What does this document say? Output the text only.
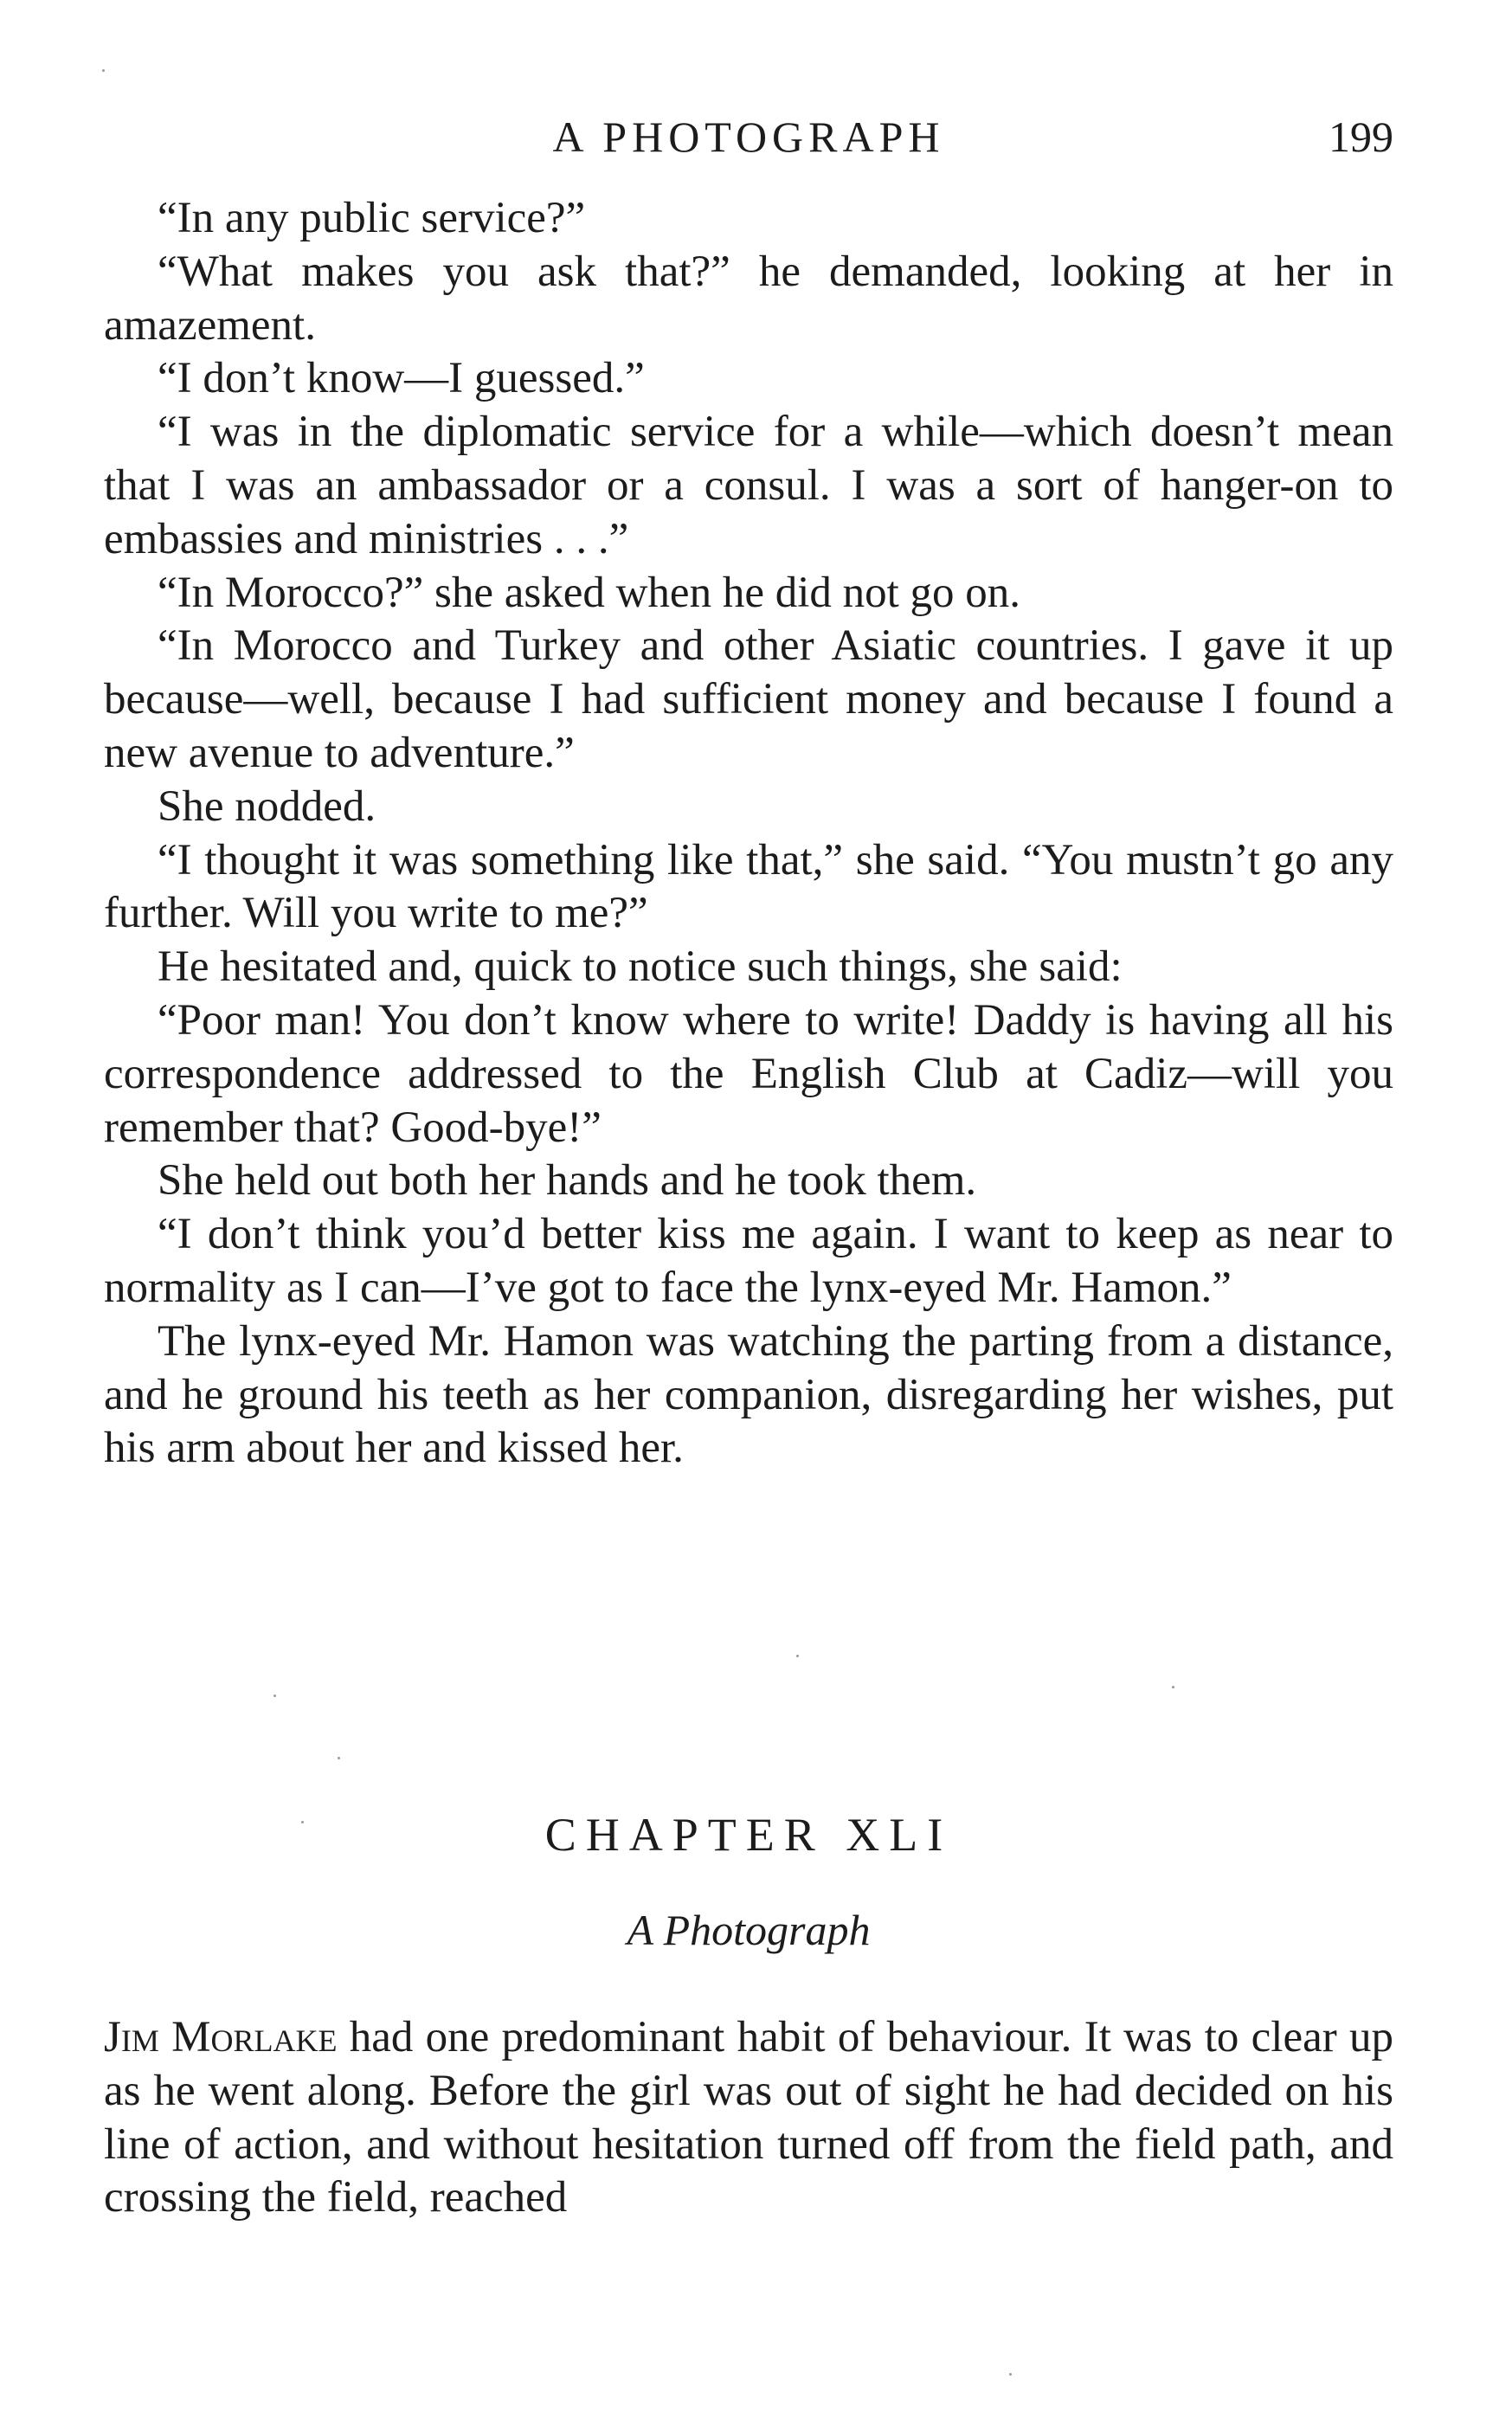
A PHOTOGRAPH	199

“In any public service?”

“What makes you ask that?” he demanded, looking at her in amazement.

“I don’t know—I guessed.”

“I was in the diplomatic service for a while—which doesn’t mean that I was an ambassador or a consul. I was a sort of hanger-on to embassies and ministries . . .”

“In Morocco?” she asked when he did not go on.

“In Morocco and Turkey and other Asiatic countries. I gave it up because—well, because I had sufficient money and because I found a new avenue to adventure.”

She nodded.

“I thought it was something like that,” she said. “You mustn’t go any further. Will you write to me?”

He hesitated and, quick to notice such things, she said:

“Poor man! You don’t know where to write! Daddy is having all his correspondence addressed to the English Club at Cadiz—will you remember that? Good-bye!”

She held out both her hands and he took them.

“I don’t think you’d better kiss me again. I want to keep as near to normality as I can—I’ve got to face the lynx-eyed Mr. Hamon.”

The lynx-eyed Mr. Hamon was watching the parting from a distance, and he ground his teeth as her companion, disregarding her wishes, put his arm about her and kissed her.

CHAPTER XLI
A Photograph

Jim Morlake had one predominant habit of behaviour. It was to clear up as he went along. Before the girl was out of sight he had decided on his line of action, and without hesitation turned off from the field path, and crossing the field, reached
